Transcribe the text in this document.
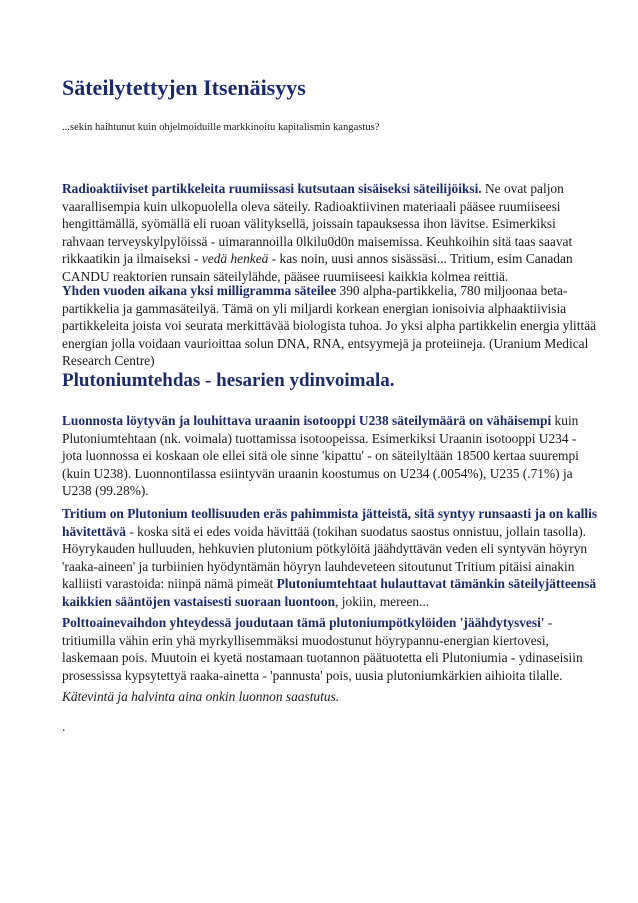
Säteilytettyjen Itsenäisyys

...sekin haihtunut kuin ohjelmoiduille markkinoitu kapitalismin kangastus?

Radioaktiiviset partikkeleita ruumiissasi kutsutaan sisäiseksi säteilijöiksi. Ne ovat paljon
vaarallisempia kuin ulkopuolella oleva säteily. Radioaktiivinen materiaali pääsee ruumiiseesi
hengittämällä, syömällä eli ruoan välityksellä, joissain tapauksessa ihon lävitse. Esimerkiksi
rahvaan terveyskylpylöissä - uimarannoilla 0lkilu0d0n maisemissa. Keuhkoihin sitä taas saavat
rikkaatikin ja ilmaiseksi - vedä henkeä - kas noin, uusi annos sisässäsi... Tritium, esim Canadan
CANDU reaktorien runsain säteilylähde, pääsee ruumiiseesi kaikkia kolmea reittiä.

Yhden vuoden aikana yksi milligramma säteilee 390 alpha-partikkelia, 780 miljoonaa beta-
partikkelia ja gammasäteilyä. Tämä on yli miljardi korkean energian ionisoivia alphaaktiivisia
partikkeleita joista voi seurata merkittävää biologista tuhoa. Jo yksi alpha partikkelin energia ylittää
energian jolla voidaan vaurioittaa solun DNA, RNA, entsyymejä ja proteiineja. (Uranium Medical
Research Centre)

Plutoniumtehdas - hesarien ydinvoimala.

Luonnosta löytyvän ja louhittava uraanin isotooppi U238 säteilymäärä on vähäisempi kuin
Plutoniumtehtaan (nk. voimala) tuottamissa isotoopeissa. Esimerkiksi Uraanin isotooppi U234 -
jota luonnossa ei koskaan ole ellei sitä ole sinne 'kipattu' - on säteilyltään 18500 kertaa suurempi
(kuin U238). Luonnontilassa esiintyvän uraanin koostumus on U234 (.0054%), U235 (.71%) ja
U238 (99.28%).

Tritium on Plutonium teollisuuden eräs pahimmista jätteistä, sitä syntyy runsaasti ja on kallis
hävitettävä - koska sitä ei edes voida hävittää (tokihan suodatus saostus onnistuu, jollain tasolla).
Höyrykauden hulluuden, hehkuvien plutonium pötkylöitä jäähdyttävän veden eli syntyvän höyryn
'raaka-aineen' ja turbiinien hyödyntämän höyryn lauhdeveteen sitoutunut Tritium pitäisi ainakin
kalliisti varastoida: niinpä nämä pimeät Plutoniumtehtaat hulauttavat tämänkin säteilyjätteensä
kaikkien sääntöjen vastaisesti suoraan luontoon, jokiin, mereen...

Polttoainevaihdon yhteydessä joudutaan tämä plutoniumpötkylöiden 'jäähdytysvesi' -
tritiumilla vähin erin yhä myrkyllisemmäksi muodostunut höyrypannu-energian kiertovesi,
laskemaan pois. Muutoin ei kyetä nostamaan tuotannon päätuotetta eli Plutoniumia - ydinaseisiin
prosessissa kypsytettyä raaka-ainetta - 'pannusta' pois, uusia plutoniumkärkien aihioita tilalle.

Kätevintä ja halvinta aina onkin luonnon saastutus.

.
